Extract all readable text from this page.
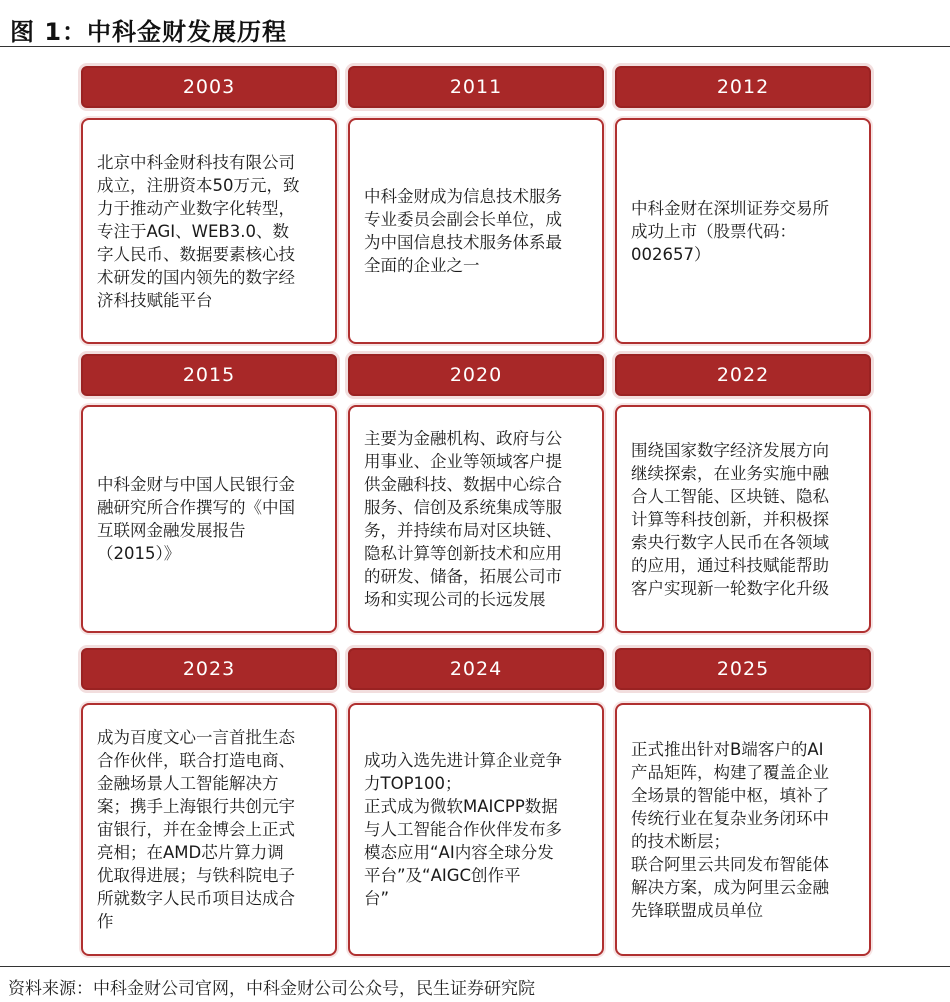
图 1：中科金财发展历程
2003
北京中科金财科技有限公司
成立，注册资本50万元，致
力于推动产业数字化转型，
专注于AGI、WEB3.0、数
字人民币、数据要素核心技
术研发的国内领先的数字经
济科技赋能平台
2011
中科金财成为信息技术服务
专业委员会副会长单位，成
为中国信息技术服务体系最
全面的企业之一
2012
中科金财在深圳证券交易所
成功上市（股票代码：
002657）
2015
中科金财与中国人民银行金
融研究所合作撰写的《中国
互联网金融发展报告
（2015）》
2020
主要为金融机构、政府与公
用事业、企业等领域客户提
供金融科技、数据中心综合
服务、信创及系统集成等服
务，并持续布局对区块链、
隐私计算等创新技术和应用
的研发、储备，拓展公司市
场和实现公司的长远发展
2022
围绕国家数字经济发展方向
继续探索，在业务实施中融
合人工智能、区块链、隐私
计算等科技创新，并积极探
索央行数字人民币在各领域
的应用，通过科技赋能帮助
客户实现新一轮数字化升级
2023
成为百度文心一言首批生态
合作伙伴，联合打造电商、
金融场景人工智能解决方
案；携手上海银行共创元宇
宙银行，并在金博会上正式
亮相；在AMD芯片算力调
优取得进展；与铁科院电子
所就数字人民币项目达成合
作
2024
成功入选先进计算企业竞争
力TOP100；
正式成为微软MAICPP数据
与人工智能合作伙伴发布多
模态应用“AI内容全球分发
平台”及“AIGC创作平
台”
2025
正式推出针对B端客户的AI
产品矩阵，构建了覆盖企业
全场景的智能中枢，填补了
传统行业在复杂业务闭环中
的技术断层；
联合阿里云共同发布智能体
解决方案，成为阿里云金融
先锋联盟成员单位
资料来源：中科金财公司官网，中科金财公司公众号，民生证券研究院
